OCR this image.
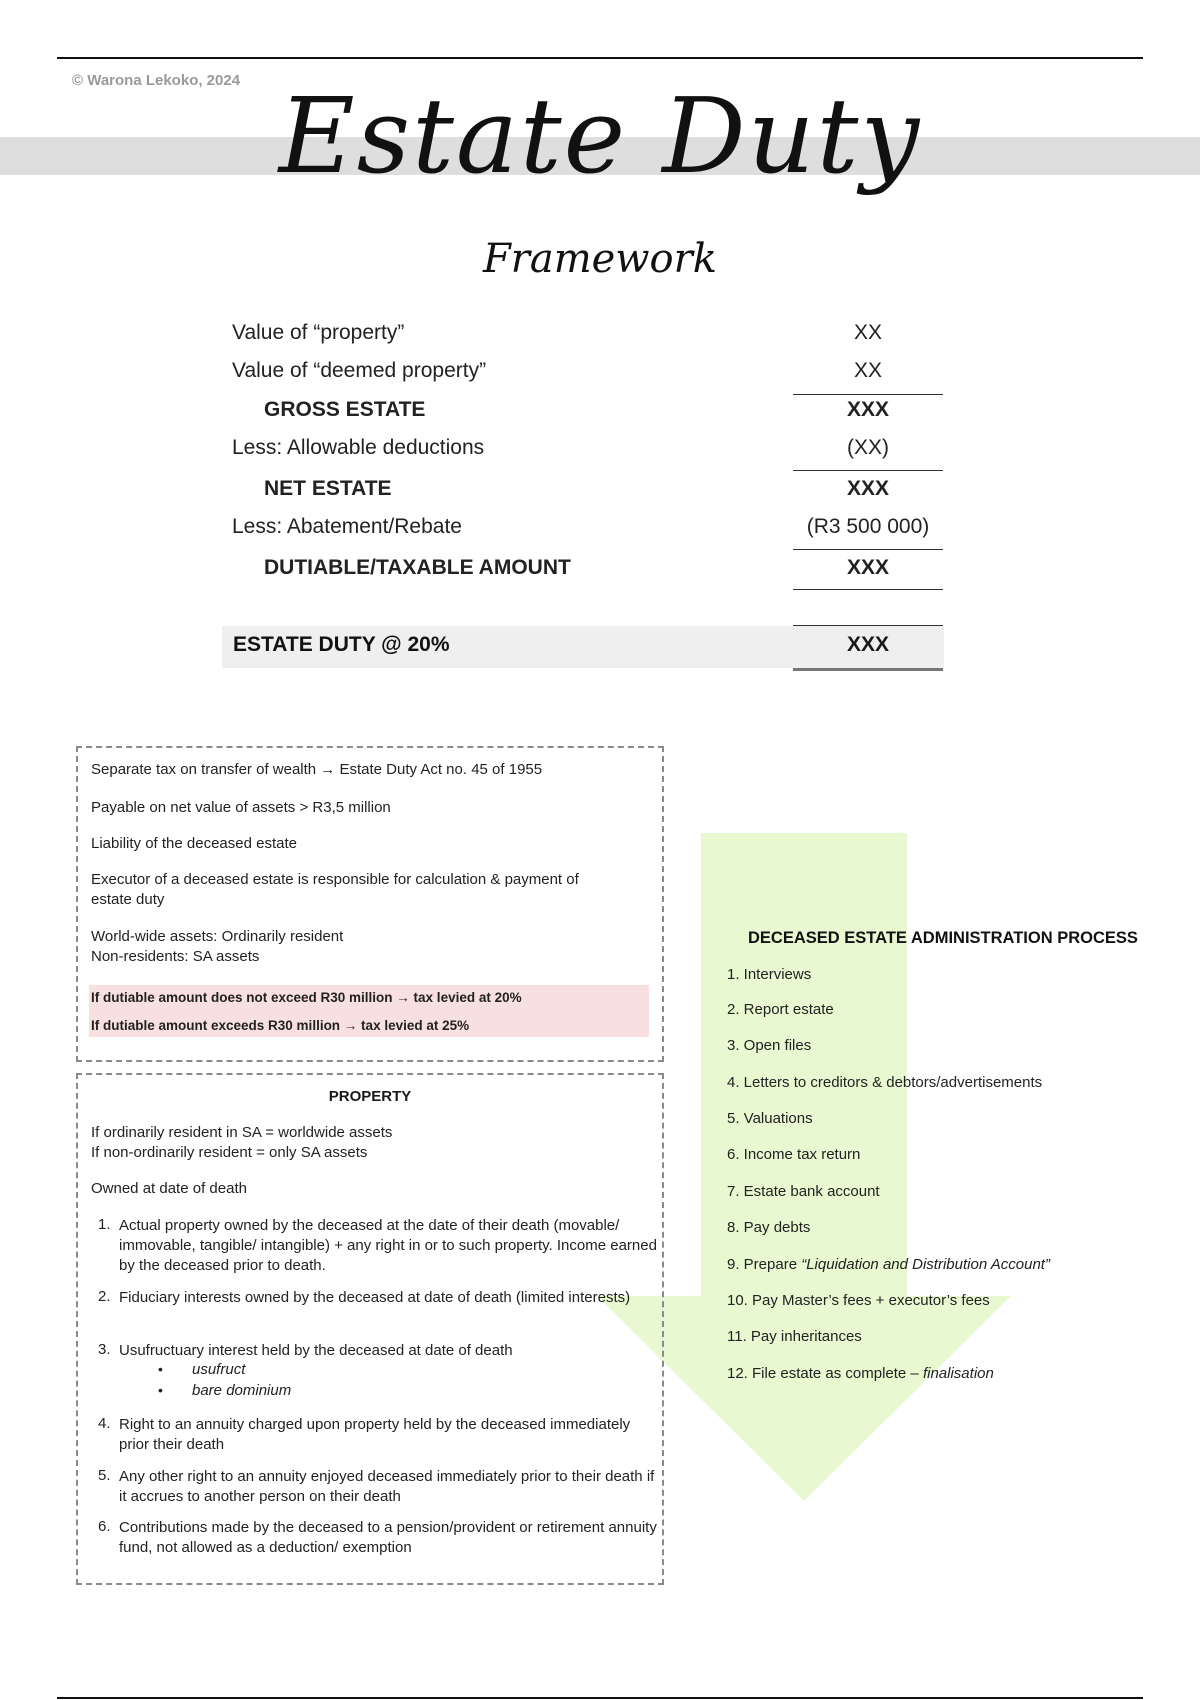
© Warona Lekoko, 2024 Estate Duty
Framework
Value of “property”	XX
Value of “deemed property”	XX
GROSS ESTATE	XXX
Less: Allowable deductions	(XX)
NET ESTATE	XXX
Less: Abatement/Rebate	(R3 500 000)
DUTIABLE/TAXABLE AMOUNT	XXX
ESTATE DUTY @ 20%	XXX
Separate tax on transfer of wealth → Estate Duty Act no. 45 of 1955
Payable on net value of assets > R3,5 million
Liability of the deceased estate
Executor of a deceased estate is responsible for calculation & payment of
estate duty
World-wide assets: Ordinarily resident
Non-residents: SA assets
If dutiable amount does not exceed R30 million → tax levied at 20%
If dutiable amount exceeds R30 million → tax levied at 25%
PROPERTY
If ordinarily resident in SA = worldwide assets
If non-ordinarily resident = only SA assets
Owned at date of death
1. Actual property owned by the deceased at the date of their death (movable/ immovable, tangible/ intangible) + any right in or to such property. Income earned by the deceased prior to death.
2. Fiduciary interests owned by the deceased at date of death (limited interests)
3. Usufructuary interest held by the deceased at date of death
• usufruct
• bare dominium
4. Right to an annuity charged upon property held by the deceased immediately prior their death
5. Any other right to an annuity enjoyed deceased immediately prior to their death if it accrues to another person on their death
6. Contributions made by the deceased to a pension/provident or retirement annuity fund, not allowed as a deduction/ exemption
DECEASED ESTATE ADMINISTRATION PROCESS
1. Interviews
2. Report estate
3. Open files
4. Letters to creditors & debtors/advertisements
5. Valuations
6. Income tax return
7. Estate bank account
8. Pay debts
9. Prepare “Liquidation and Distribution Account”
10. Pay Master’s fees + executor’s fees
11. Pay inheritances
12. File estate as complete – finalisation
